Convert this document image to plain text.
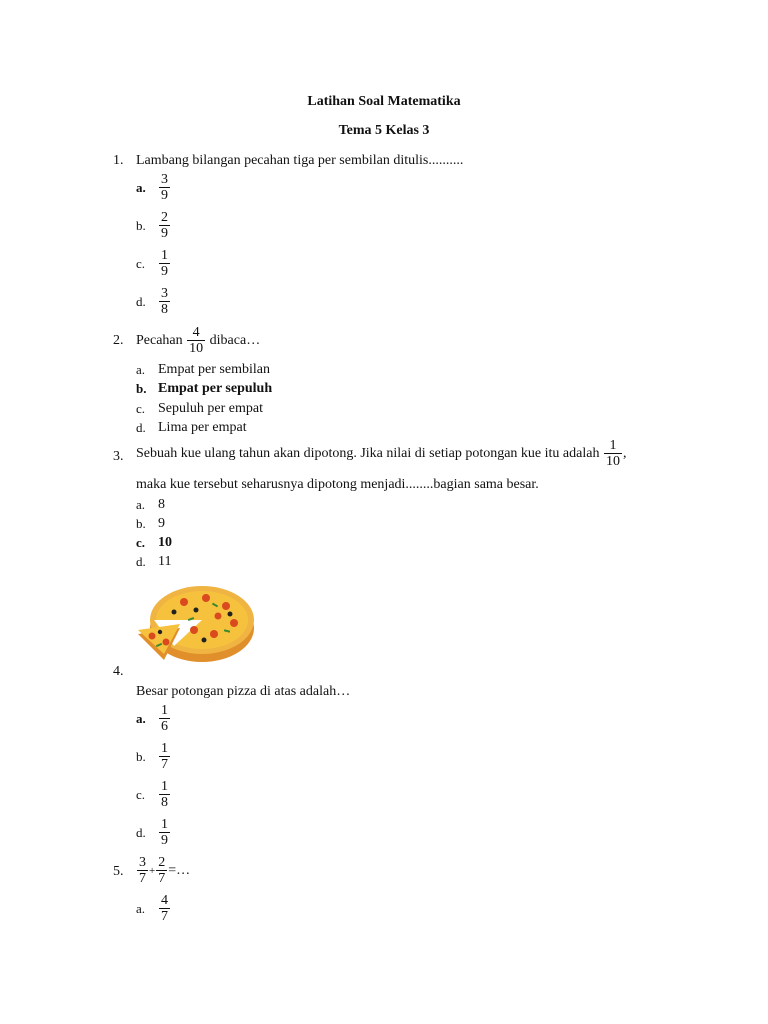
Latihan Soal Matematika
Tema 5 Kelas 3
1. Lambang bilangan pecahan tiga per sembilan ditulis..........
a. $\frac{3}{9}$
b. $\frac{2}{9}$
c. $\frac{1}{9}$
d. $\frac{3}{8}$
2. Pecahan
$\frac{4}{10}$
dibaca…
a. Empat per sembilan
b. Empat per sepuluh
c. Sepuluh per empat
d. Lima per empat
3. Sebuah kue ulang tahun akan dipotong. Jika nilai di setiap potongan kue itu adalah
$\frac{1}{10}$ ,
maka kue tersebut seharusnya dipotong menjadi........bagian sama besar.
a. 8
b. 9
c. 10
d. 11
4.
Besar potongan pizza di atas adalah…
a. $\frac{1}{6}$
b. $\frac{1}{7}$
c. $\frac{1}{8}$
d. $\frac{1}{9}$
5. $\frac{3}{7} + \frac{2}{7}$ =…
a. $\frac{4}{7}$
